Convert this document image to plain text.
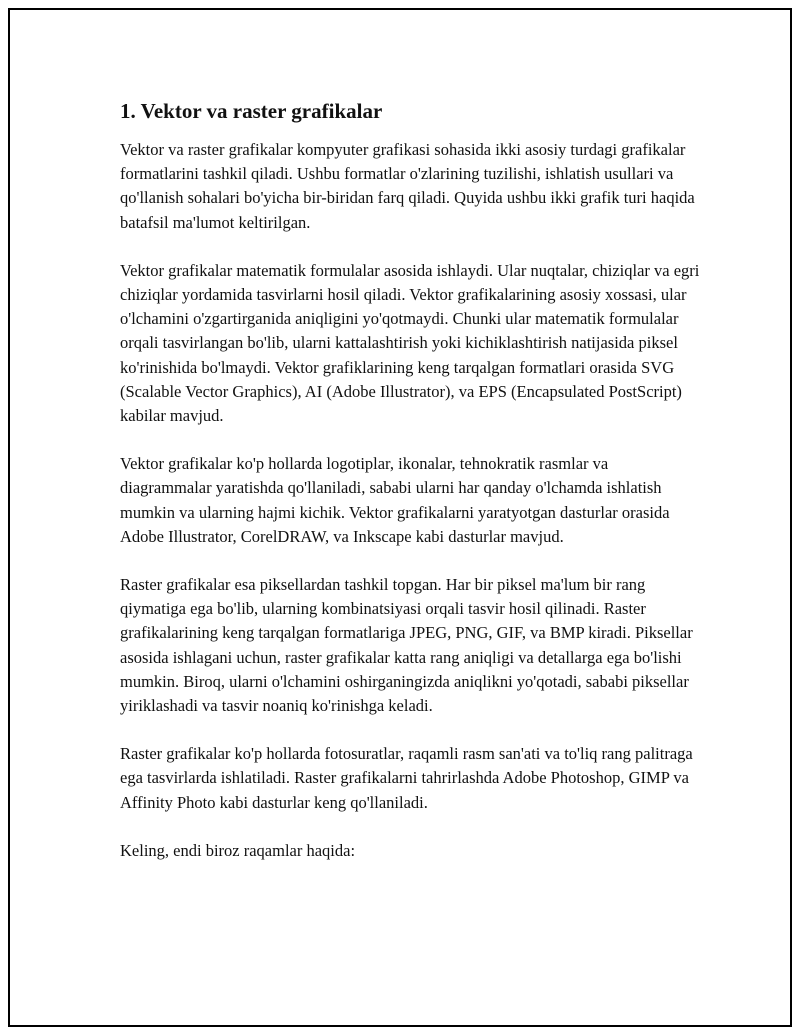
1. Vektor va raster grafikalar

Vektor va raster grafikalar kompyuter grafikasi sohasida ikki asosiy turdagi grafikalar formatlarini tashkil qiladi. Ushbu formatlar o'zlarining tuzilishi, ishlatish usullari va qo'llanish sohalari bo'yicha bir-biridan farq qiladi. Quyida ushbu ikki grafik turi haqida batafsil ma'lumot keltirilgan.

Vektor grafikalar matematik formulalar asosida ishlaydi. Ular nuqtalar, chiziqlar va egri chiziqlar yordamida tasvirlarni hosil qiladi. Vektor grafikalarining asosiy xossasi, ular o'lchamini o'zgartirganida aniqligini yo'qotmaydi. Chunki ular matematik formulalar orqali tasvirlangan bo'lib, ularni kattalashtirish yoki kichiklashtirish natijasida piksel ko'rinishida bo'lmaydi. Vektor grafiklarining keng tarqalgan formatlari orasida SVG (Scalable Vector Graphics), AI (Adobe Illustrator), va EPS (Encapsulated PostScript) kabilar mavjud.

Vektor grafikalar ko'p hollarda logotiplar, ikonalar, tehnokratik rasmlar va diagrammalar yaratishda qo'llaniladi, sababi ularni har qanday o'lchamda ishlatish mumkin va ularning hajmi kichik. Vektor grafikalarni yaratyotgan dasturlar orasida Adobe Illustrator, CorelDRAW, va Inkscape kabi dasturlar mavjud.

Raster grafikalar esa piksellardan tashkil topgan. Har bir piksel ma'lum bir rang qiymatiga ega bo'lib, ularning kombinatsiyasi orqali tasvir hosil qilinadi. Raster grafikalarining keng tarqalgan formatlariga JPEG, PNG, GIF, va BMP kiradi. Piksellar asosida ishlagani uchun, raster grafikalar katta rang aniqligi va detallarga ega bo'lishi mumkin. Biroq, ularni o'lchamini oshirganingizda aniqlikni yo'qotadi, sababi piksellar yiriklashadi va tasvir noaniq ko'rinishga keladi.

Raster grafikalar ko'p hollarda fotosuratlar, raqamli rasm san'ati va to'liq rang palitraga ega tasvirlarda ishlatiladi. Raster grafikalarni tahrirlashda Adobe Photoshop, GIMP va Affinity Photo kabi dasturlar keng qo'llaniladi.

Keling, endi biroz raqamlar haqida:
